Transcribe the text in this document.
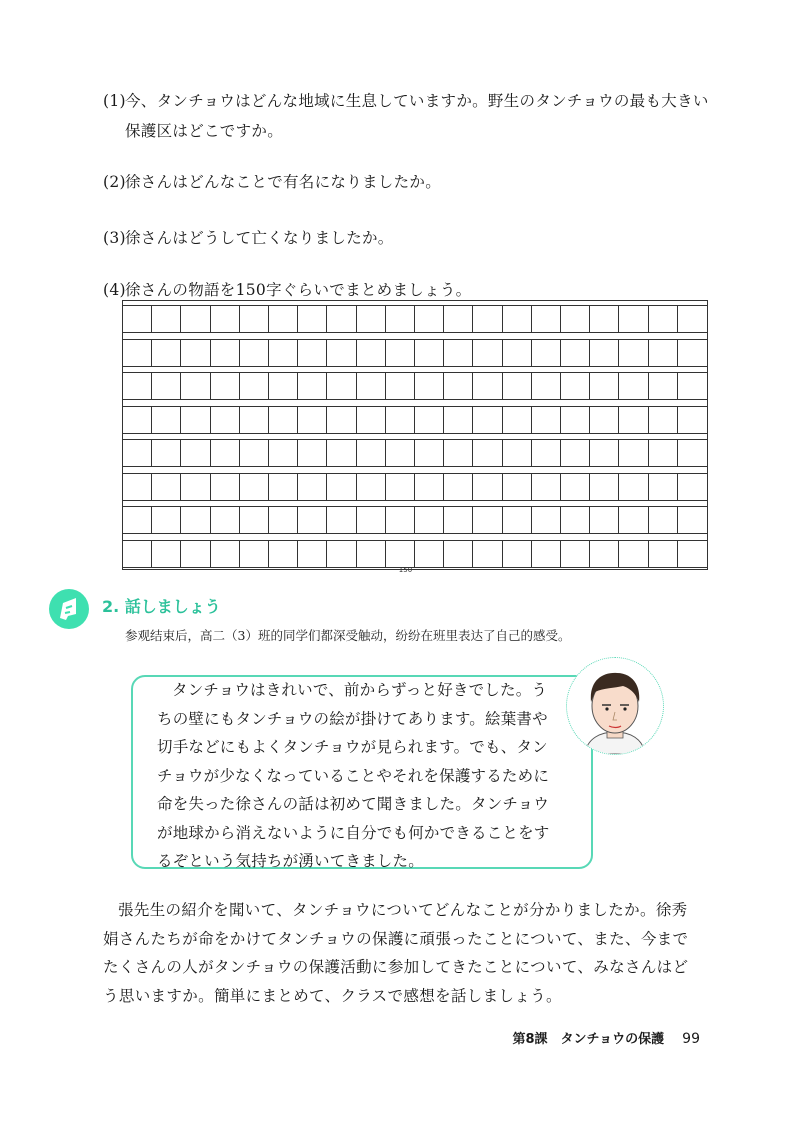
(1)今、タンチョウはどんな地域に生息していますか。野生のタンチョウの最も大きい
保護区はどこですか。
(2)徐さんはどんなことで有名になりましたか。
(3)徐さんはどうして亡くなりましたか。
(4)徐さんの物語を150字ぐらいでまとめましょう。
150
2. 話しましょう
参观结束后，高二（3）班的同学们都深受触动，纷纷在班里表达了自己的感受。
タンチョウはきれいで、前からずっと好きでした。う
ちの壁にもタンチョウの絵が掛けてあります。絵葉書や
切手などにもよくタンチョウが見られます。でも、タン
チョウが少なくなっていることやそれを保護するために
命を失った徐さんの話は初めて聞きました。タンチョウ
が地球から消えないように自分でも何かできることをす
るぞという気持ちが湧いてきました。
張先生の紹介を聞いて、タンチョウについてどんなことが分かりましたか。徐秀
娟さんたちが命をかけてタンチョウの保護に頑張ったことについて、また、今まで
たくさんの人がタンチョウの保護活動に参加してきたことについて、みなさんはど
う思いますか。簡単にまとめて、クラスで感想を話しましょう。
第8課　タンチョウの保護 99
